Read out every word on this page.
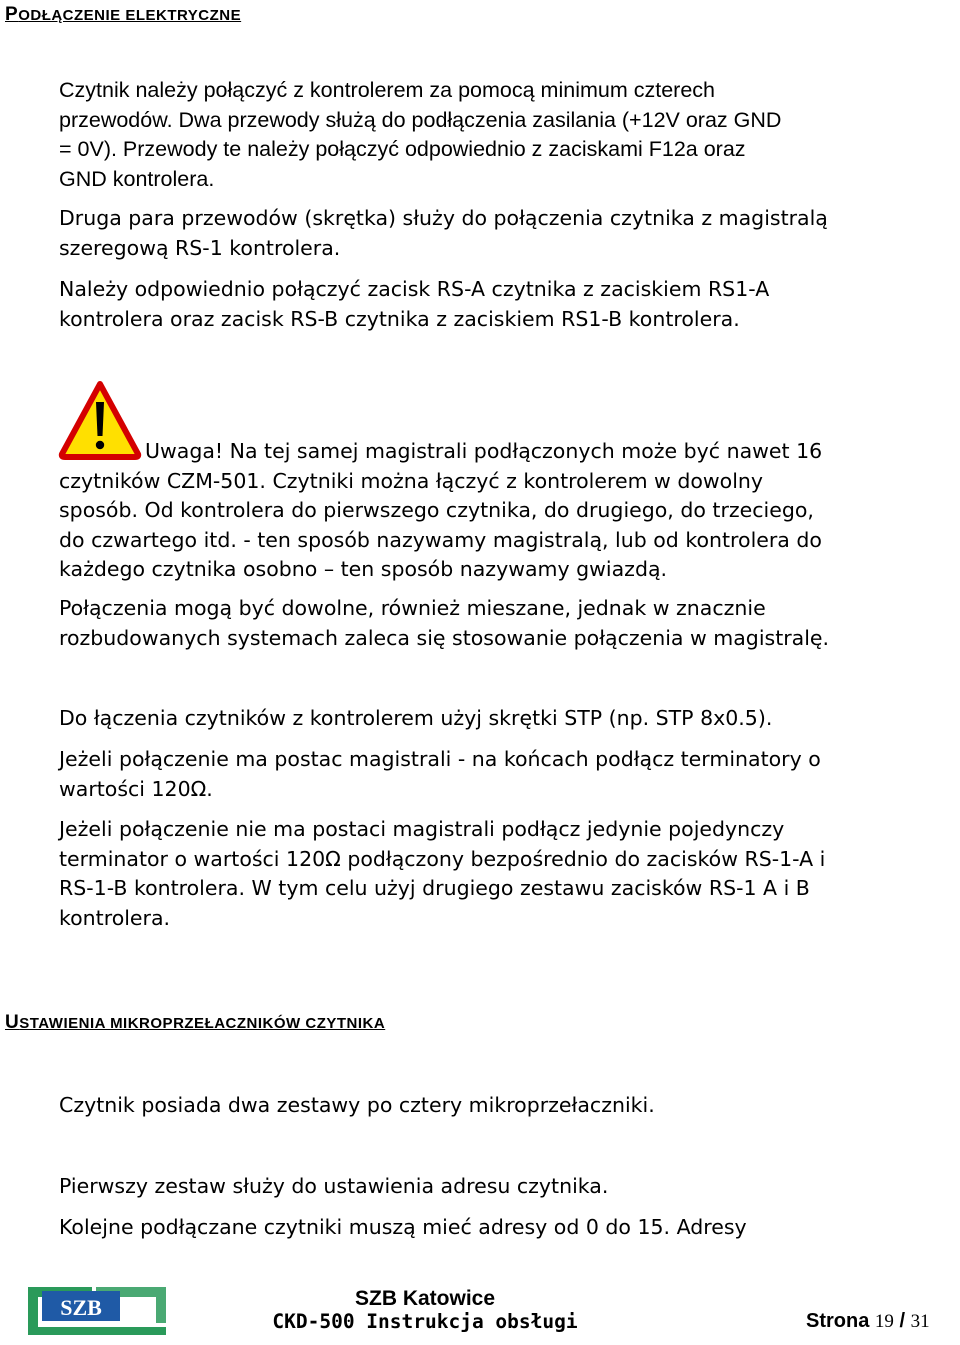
PODŁĄCZENIE ELEKTRYCZNE

Czytnik należy połączyć z kontrolerem za pomocą minimum czterech
przewodów. Dwa przewody służą do podłączenia zasilania (+12V oraz GND
= 0V). Przewody te należy połączyć odpowiednio z zaciskami F12a oraz
GND kontrolera.

Druga para przewodów (skrętka) służy do połączenia czytnika z magistralą
szeregową RS-1 kontrolera.

Należy odpowiednio połączyć zacisk RS-A czytnika z zaciskiem RS1-A
kontrolera oraz zacisk RS-B czytnika z zaciskiem RS1-B kontrolera.

Uwaga! Na tej samej magistrali podłączonych może być nawet 16
czytników CZM-501. Czytniki można łączyć z kontrolerem w dowolny
sposób. Od kontrolera do pierwszego czytnika, do drugiego, do trzeciego,
do czwartego itd. - ten sposób nazywamy magistralą, lub od kontrolera do
każdego czytnika osobno – ten sposób nazywamy gwiazdą.

Połączenia mogą być dowolne, również mieszane, jednak w znacznie
rozbudowanych systemach zaleca się stosowanie połączenia w magistralę.

Do łączenia czytników z kontrolerem użyj skrętki STP (np. STP 8x0.5).

Jeżeli połączenie ma postac magistrali - na końcach podłącz terminatory o
wartości 120Ω.

Jeżeli połączenie nie ma postaci magistrali podłącz jedynie pojedynczy
terminator o wartości 120Ω podłączony bezpośrednio do zacisków RS-1-A i
RS-1-B kontrolera. W tym celu użyj drugiego zestawu zacisków RS-1 A i B
kontrolera.

USTAWIENIA MIKROPRZEŁACZNIKÓW CZYTNIKA

Czytnik posiada dwa zestawy po cztery mikroprzełaczniki.

Pierwszy zestaw służy do ustawienia adresu czytnika.

Kolejne podłączane czytniki muszą mieć adresy od 0 do 15. Adresy

SZB	SZB Katowice
CKD-500 Instrukcja obsługi	Strona 19 / 31
